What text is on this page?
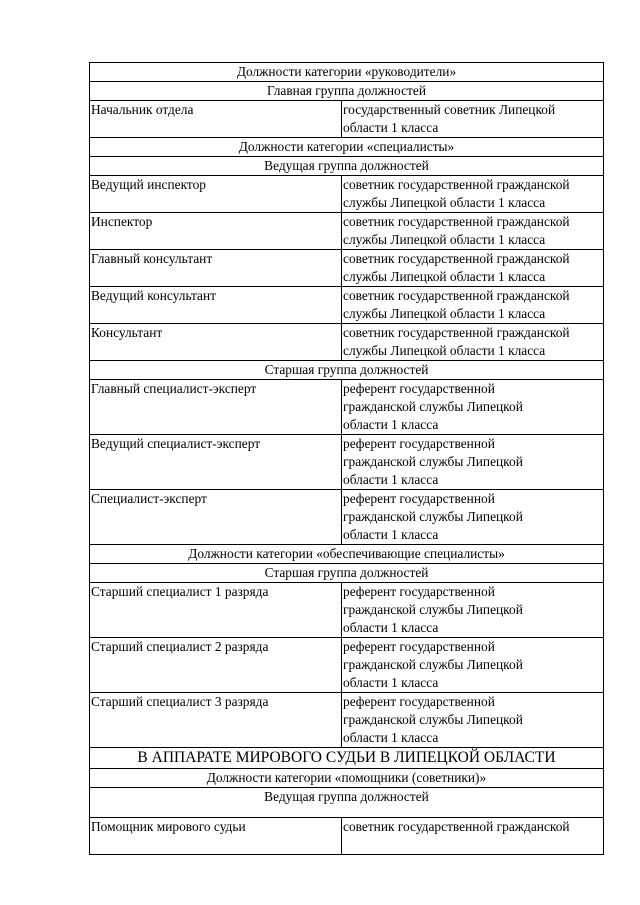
Должности категории «руководители»	
Главная группа должностей	
Начальник отдела	государственный советник Липецкой
области 1 класса

Должности категории «специалисты»	
Ведущая группа должностей	
Ведущий инспектор	советник государственной гражданской
службы Липецкой области 1 класса

Инспектор	советник государственной гражданской
службы Липецкой области 1 класса

Главный консультант	советник государственной гражданской
службы Липецкой области 1 класса

Ведущий консультант	советник государственной гражданской
службы Липецкой области 1 класса

Консультант	советник государственной гражданской
службы Липецкой области 1 класса

Старшая группа должностей	
Главный специалист-эксперт	референт государственной
гражданской службы Липецкой
области 1 класса

Ведущий специалист-эксперт	референт государственной
гражданской службы Липецкой
области 1 класса

Специалист-эксперт	референт государственной
гражданской службы Липецкой
области 1 класса

Должности категории «обеспечивающие специалисты»	
Старшая группа должностей	
Старший специалист 1 разряда	референт государственной
гражданской службы Липецкой
области 1 класса

Старший специалист 2 разряда	референт государственной
гражданской службы Липецкой
области 1 класса

Старший специалист 3 разряда	референт государственной
гражданской службы Липецкой
области 1 класса

В АППАРАТЕ МИРОВОГО СУДЬИ В ЛИПЕЦКОЙ ОБЛАСТИ	
Должности категории «помощники (советники)»	
Ведущая группа должностей	
Помощник мирового судьи	советник государственной гражданской
